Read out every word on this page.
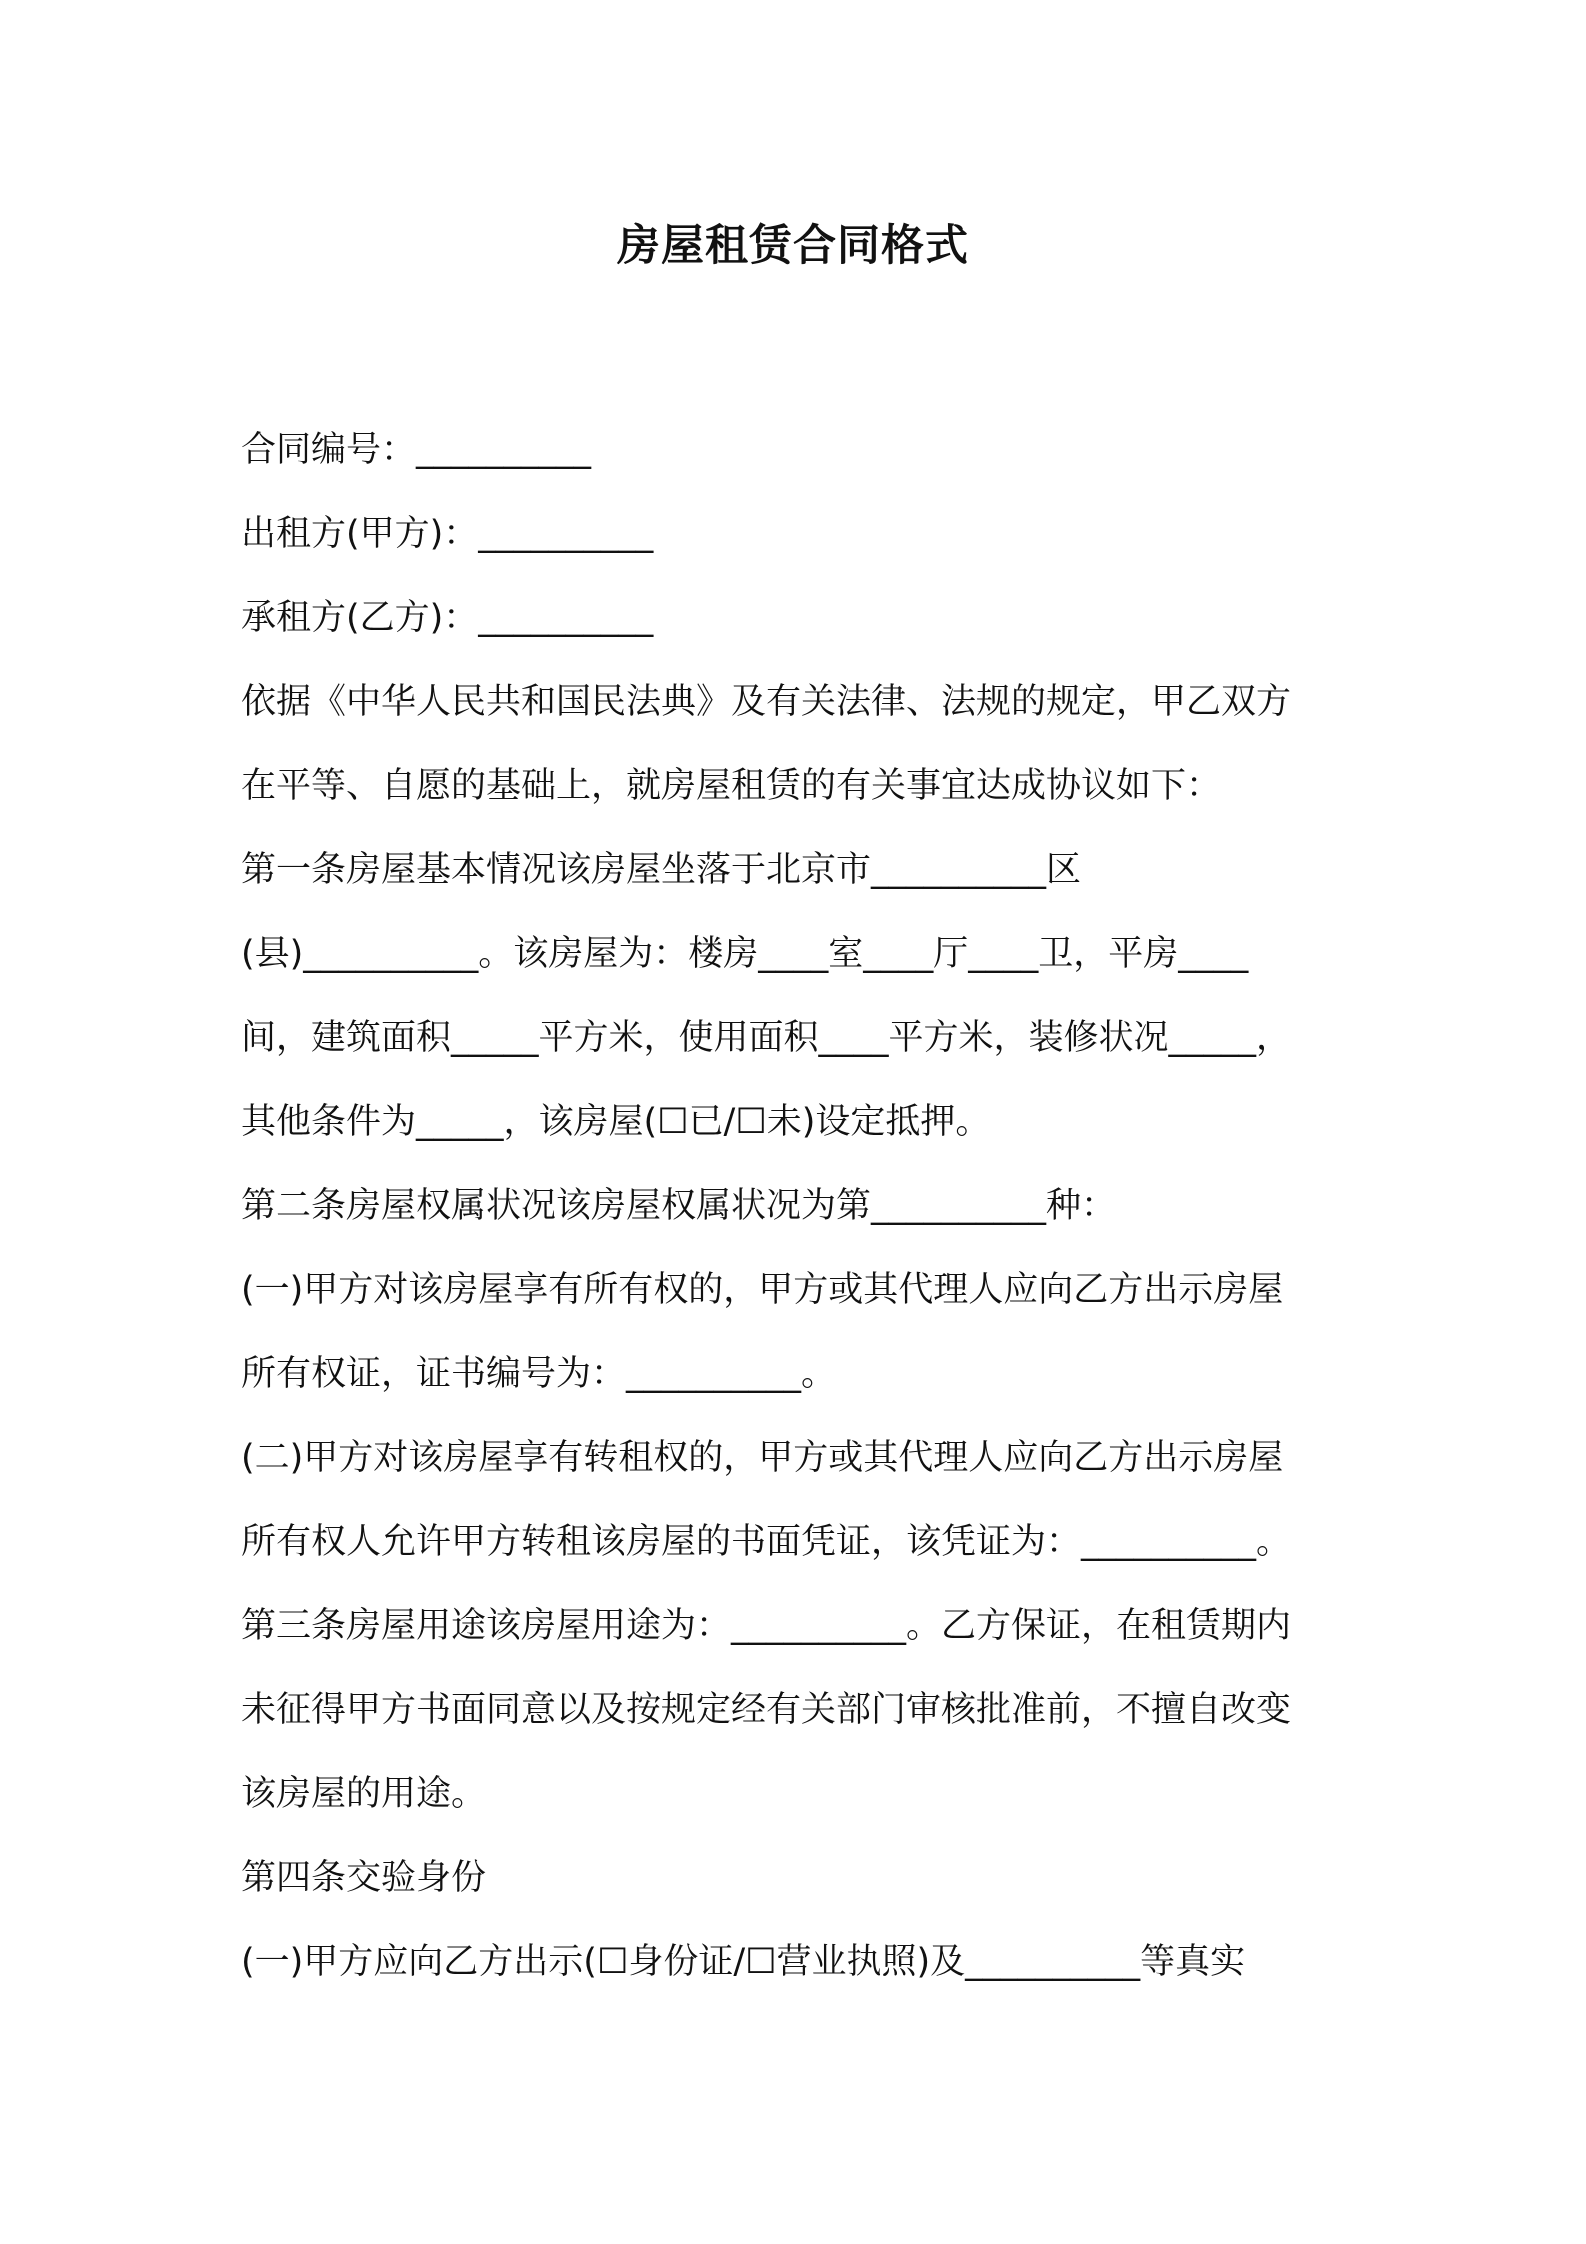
房屋租赁合同格式
合同编号：__________
出租方(甲方)：__________
承租方(乙方)：__________
依据《中华人民共和国民法典》及有关法律、法规的规定，甲乙双方
在平等、自愿的基础上，就房屋租赁的有关事宜达成协议如下：
第一条房屋基本情况该房屋坐落于北京市__________区
(县)__________。该房屋为：楼房____室____厅____卫，平房____
间，建筑面积_____平方米，使用面积____平方米，装修状况_____，
其他条件为_____，该房屋(☐已/☐未)设定抵押。
第二条房屋权属状况该房屋权属状况为第__________种：
(一)甲方对该房屋享有所有权的，甲方或其代理人应向乙方出示房屋
所有权证，证书编号为：__________。
(二)甲方对该房屋享有转租权的，甲方或其代理人应向乙方出示房屋
所有权人允许甲方转租该房屋的书面凭证，该凭证为：__________。
第三条房屋用途该房屋用途为：__________。乙方保证，在租赁期内
未征得甲方书面同意以及按规定经有关部门审核批准前，不擅自改变
该房屋的用途。
第四条交验身份
(一)甲方应向乙方出示(☐身份证/☐营业执照)及__________等真实
